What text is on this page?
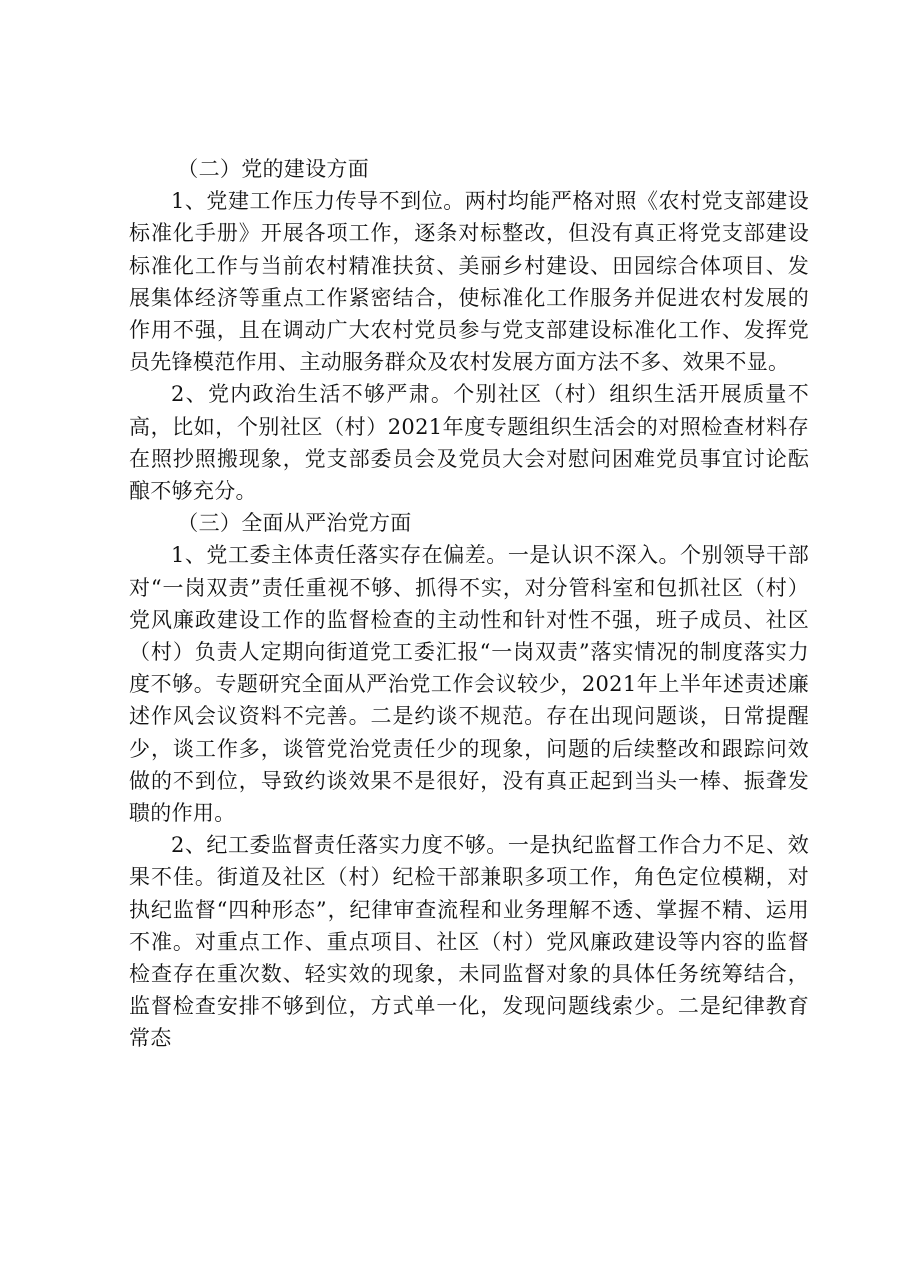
（二）党的建设方面

1、党建工作压力传导不到位。两村均能严格对照《农村党支部建设标准化手册》开展各项工作，逐条对标整改，但没有真正将党支部建设标准化工作与当前农村精准扶贫、美丽乡村建设、田园综合体项目、发展集体经济等重点工作紧密结合，使标准化工作服务并促进农村发展的作用不强，且在调动广大农村党员参与党支部建设标准化工作、发挥党员先锋模范作用、主动服务群众及农村发展方面方法不多、效果不显。

2、党内政治生活不够严肃。个别社区（村）组织生活开展质量不高，比如，个别社区（村）2021年度专题组织生活会的对照检查材料存在照抄照搬现象，党支部委员会及党员大会对慰问困难党员事宜讨论酝酿不够充分。

（三）全面从严治党方面

1、党工委主体责任落实存在偏差。一是认识不深入。个别领导干部对“一岗双责”责任重视不够、抓得不实，对分管科室和包抓社区（村）党风廉政建设工作的监督检查的主动性和针对性不强，班子成员、社区（村）负责人定期向街道党工委汇报“一岗双责”落实情况的制度落实力度不够。专题研究全面从严治党工作会议较少，2021年上半年述责述廉述作风会议资料不完善。二是约谈不规范。存在出现问题谈，日常提醒少，谈工作多，谈管党治党责任少的现象，问题的后续整改和跟踪问效做的不到位，导致约谈效果不是很好，没有真正起到当头一棒、振聋发聩的作用。

2、纪工委监督责任落实力度不够。一是执纪监督工作合力不足、效果不佳。街道及社区（村）纪检干部兼职多项工作，角色定位模糊，对执纪监督“四种形态”，纪律审查流程和业务理解不透、掌握不精、运用不准。对重点工作、重点项目、社区（村）党风廉政建设等内容的监督检查存在重次数、轻实效的现象，未同监督对象的具体任务统筹结合，监督检查安排不够到位，方式单一化，发现问题线索少。二是纪律教育常态
